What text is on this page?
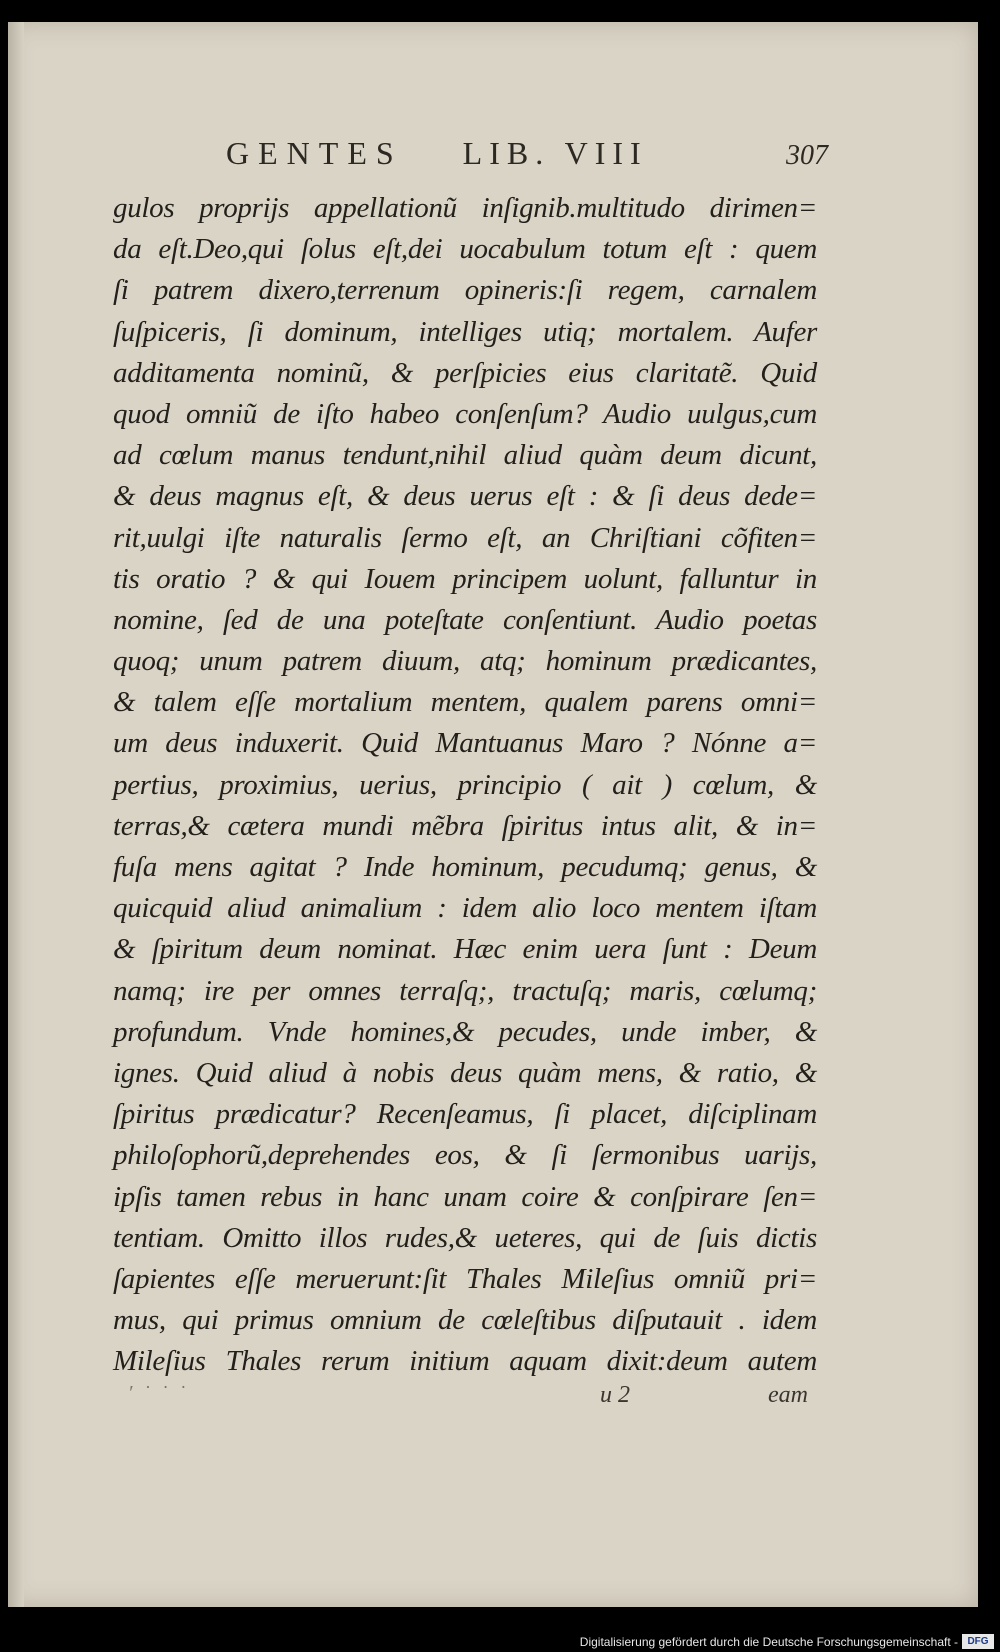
GENTES LIB. VIII	307
gulos proprijs appellationũ inſignib.multitudo dirimen=
da eſt.Deo,qui ſolus eſt,dei uocabulum totum eſt : quem
ſi patrem dixero,terrenum opineris:ſi regem, carnalem
ſuſpiceris, ſi dominum, intelliges utiq; mortalem. Aufer
additamenta nominũ, & perſpicies eius claritatẽ. Quid
quod omniũ de iſto habeo conſenſum? Audio uulgus,cum
ad cœlum manus tendunt,nihil aliud quàm deum dicunt,
& deus magnus eſt, & deus uerus eſt : & ſi deus dede=
rit,uulgi iſte naturalis ſermo eſt, an Chriſtiani cõfiten=
tis oratio ? & qui Iouem principem uolunt, falluntur in
nomine, ſed de una poteſtate conſentiunt. Audio poetas
quoq; unum patrem diuum, atq; hominum prædicantes,
& talem eſſe mortalium mentem, qualem parens omni=
um deus induxerit. Quid Mantuanus Maro ? Nónne a=
pertius, proximius, uerius, principio ( ait ) cœlum, &
terras,& cætera mundi mẽbra ſpiritus intus alit, & in=
fuſa mens agitat ? Inde hominum, pecudumq; genus, &
quicquid aliud animalium : idem alio loco mentem iſtam
& ſpiritum deum nominat. Hæc enim uera ſunt : Deum
namq; ire per omnes terraſq;, tractuſq; maris, cœlumq;
profundum. Vnde homines,& pecudes, unde imber, &
ignes. Quid aliud à nobis deus quàm mens, & ratio, &
ſpiritus prædicatur? Recenſeamus, ſi placet, diſciplinam
philoſophorũ,deprehendes eos, & ſi ſermonibus uarijs,
ipſis tamen rebus in hanc unam coire & conſpirare ſen=
tentiam. Omitto illos rudes,& ueteres, qui de ſuis dictis
ſapientes eſſe meruerunt:ſit Thales Mileſius omniũ pri=
mus, qui primus omnium de cœleſtibus diſputauit . idem
Mileſius Thales rerum initium aquam dixit:deum autem
′ ˙ ˙ ˙	u 2	eam
Digitalisierung gefördert durch die Deutsche Forschungsgemeinschaft - DFG
